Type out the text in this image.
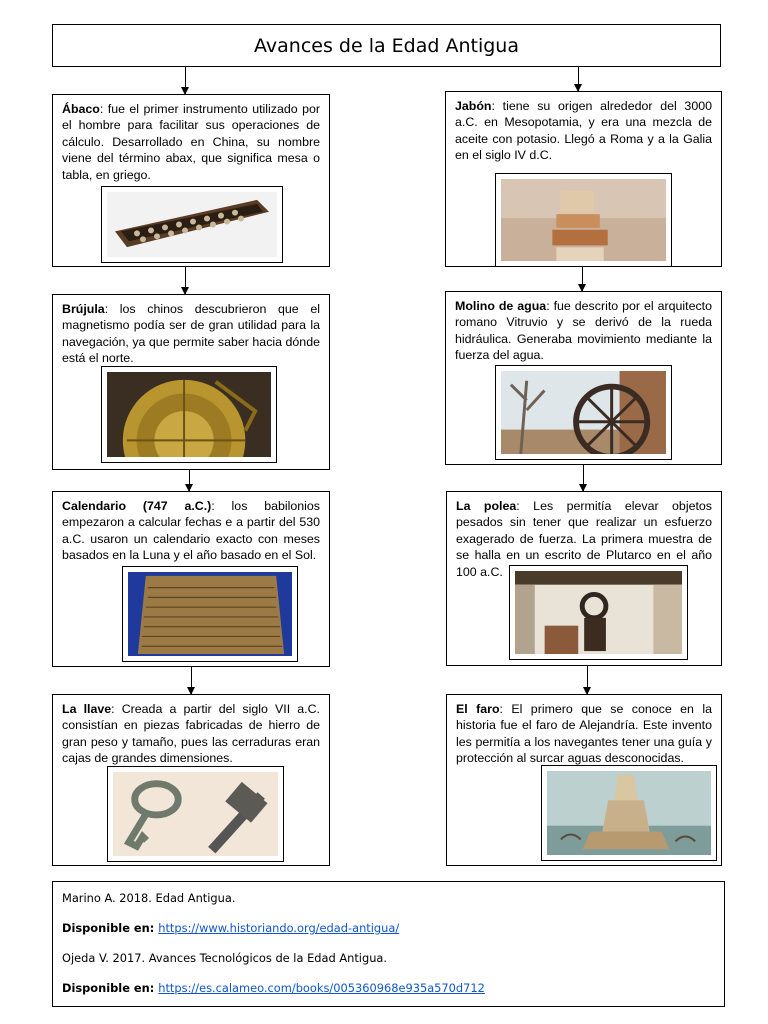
Avances de la Edad Antigua
Ábaco: fue el primer instrumento utilizado por el hombre para facilitar sus operaciones de cálculo. Desarrollado en China, su nombre viene del término abax, que significa mesa o tabla, en griego.
Brújula: los chinos descubrieron que el magnetismo podía ser de gran utilidad para la navegación, ya que permite saber hacia dónde está el norte.
Calendario (747 a.C.): los babilonios empezaron a calcular fechas e a partir del 530 a.C. usaron un calendario exacto con meses basados en la Luna y el año basado en el Sol.
La llave: Creada a partir del siglo VII a.C. consistían en piezas fabricadas de hierro de gran peso y tamaño, pues las cerraduras eran cajas de grandes dimensiones.
Jabón: tiene su origen alrededor del 3000 a.C. en Mesopotamia, y era una mezcla de aceite con potasio. Llegó a Roma y a la Galia en el siglo IV d.C.
Molino de agua: fue descrito por el arquitecto romano Vitruvio y se derivó de la rueda hidráulica. Generaba movimiento mediante la fuerza del agua.
La polea: Les permitía elevar objetos pesados sin tener que realizar un esfuerzo exagerado de fuerza. La primera muestra de se halla en un escrito de Plutarco en el año 100 a.C.
El faro: El primero que se conoce en la historia fue el faro de Alejandría. Este invento les permitía a los navegantes tener una guía y protección al surcar aguas desconocidas.

Marino A. 2018. Edad Antigua.

Disponible en: https://www.historiando.org/edad-antigua/

Ojeda V. 2017. Avances Tecnológicos de la Edad Antigua.

Disponible en: https://es.calameo.com/books/005360968e935a570d712
